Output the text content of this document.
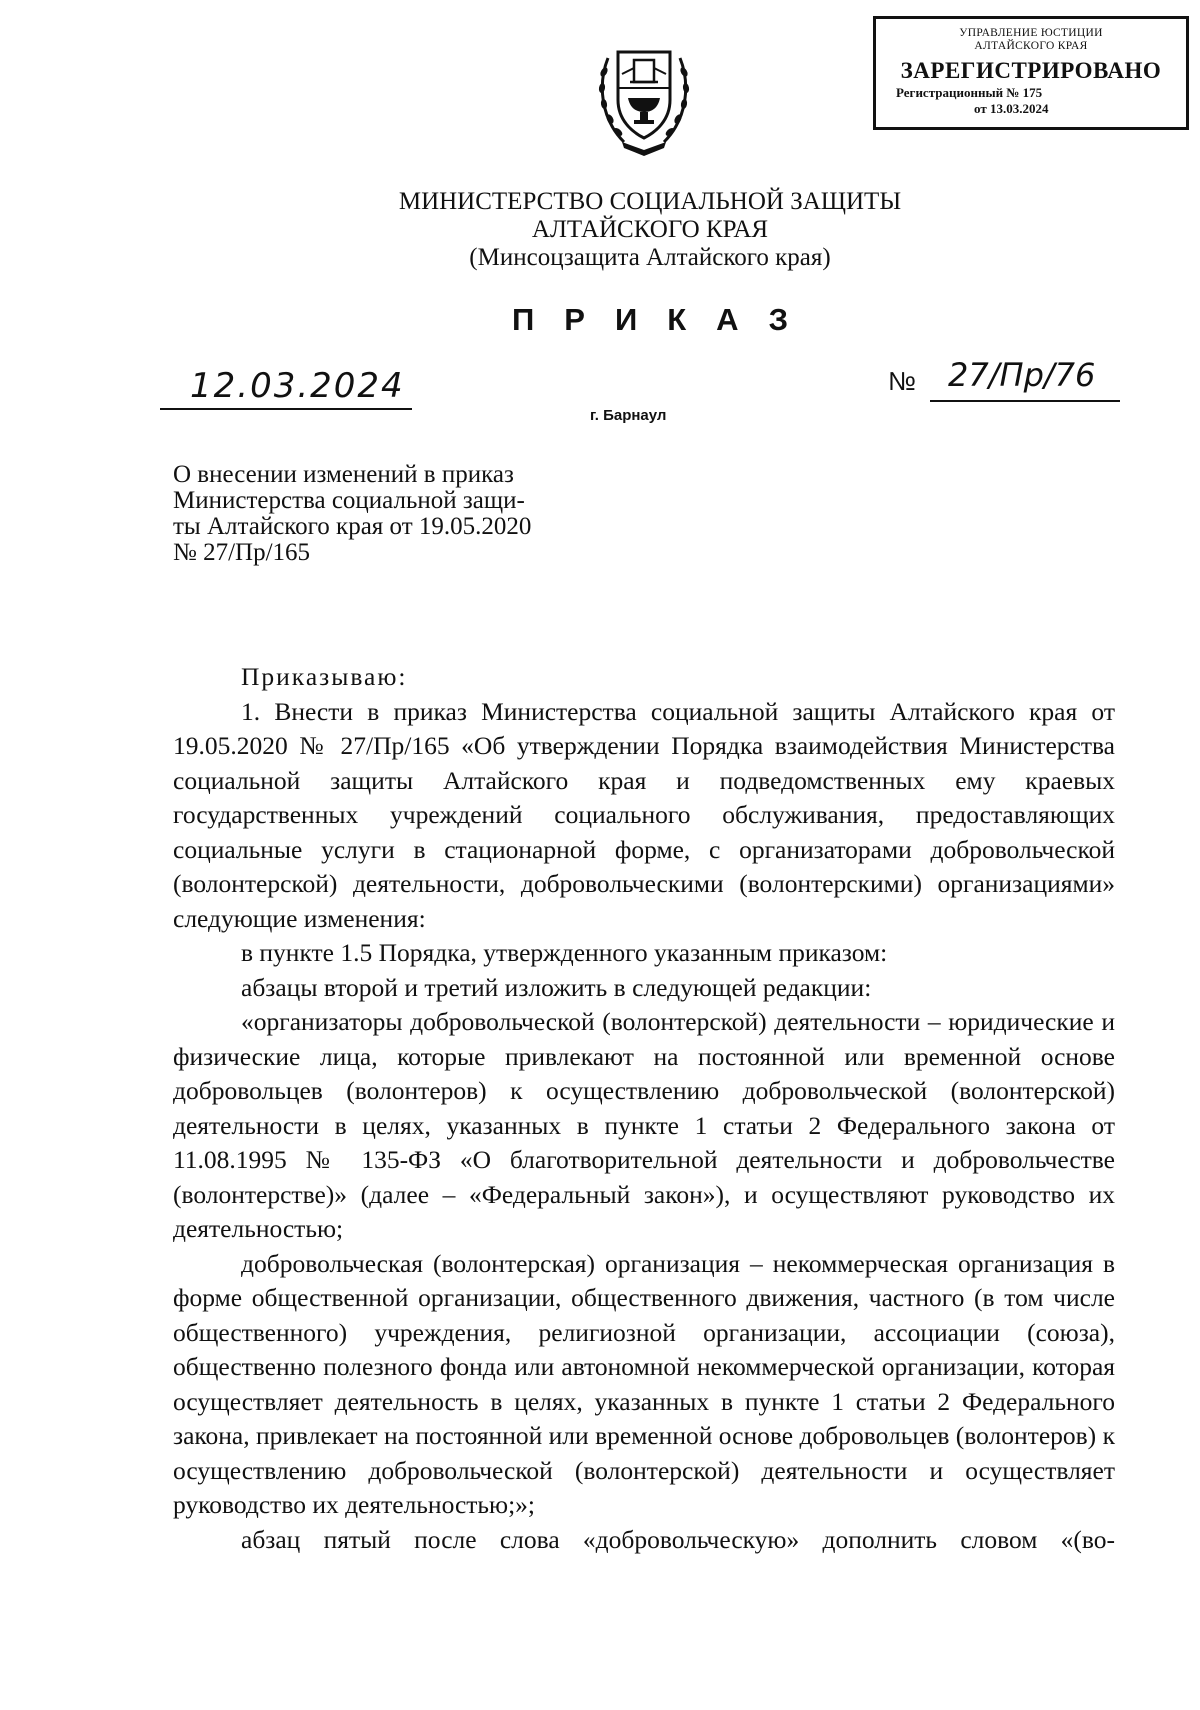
УПРАВЛЕНИЕ ЮСТИЦИИ
АЛТАЙСКОГО КРАЯ
ЗАРЕГИСТРИРОВАНО
Регистрационный № 175
от 13.03.2024
МИНИСТЕРСТВО СОЦИАЛЬНОЙ ЗАЩИТЫ
АЛТАЙСКОГО КРАЯ
(Минсоцзащита Алтайского края)
ПРИКАЗ
12.03.2024	№ 27/Пр/76
г. Барнаул
О внесении изменений в приказ
Министерства социальной защи-
ты Алтайского края от 19.05.2020
№ 27/Пр/165
Приказываю:

1. Внести в приказ Министерства социальной защиты Алтайского края от 19.05.2020 № 27/Пр/165 «Об утверждении Порядка взаимодействия Министерства социальной защиты Алтайского края и подведомственных ему краевых государственных учреждений социального обслуживания, предоставляющих социальные услуги в стационарной форме, с организаторами добровольческой (волонтерской) деятельности, добровольческими (волонтерскими) организациями» следующие изменения:

в пункте 1.5 Порядка, утвержденного указанным приказом:

абзацы второй и третий изложить в следующей редакции:

«организаторы добровольческой (волонтерской) деятельности – юридические и физические лица, которые привлекают на постоянной или временной основе добровольцев (волонтеров) к осуществлению добровольческой (волонтерской) деятельности в целях, указанных в пункте 1 статьи 2 Федерального закона от 11.08.1995 № 135-ФЗ «О благотворительной деятельности и добровольчестве (волонтерстве)» (далее – «Федеральный закон»), и осуществляют руководство их деятельностью;

добровольческая (волонтерская) организация – некоммерческая организация в форме общественной организации, общественного движения, частного (в том числе общественного) учреждения, религиозной организации, ассоциации (союза), общественно полезного фонда или автономной некоммерческой организации, которая осуществляет деятельность в целях, указанных в пункте 1 статьи 2 Федерального закона, привлекает на постоянной или временной основе добровольцев (волонтеров) к осуществлению добровольческой (волонтерской) деятельности и осуществляет руководство их деятельностью;»;

абзац пятый после слова «добровольческую» дополнить словом «(во-
